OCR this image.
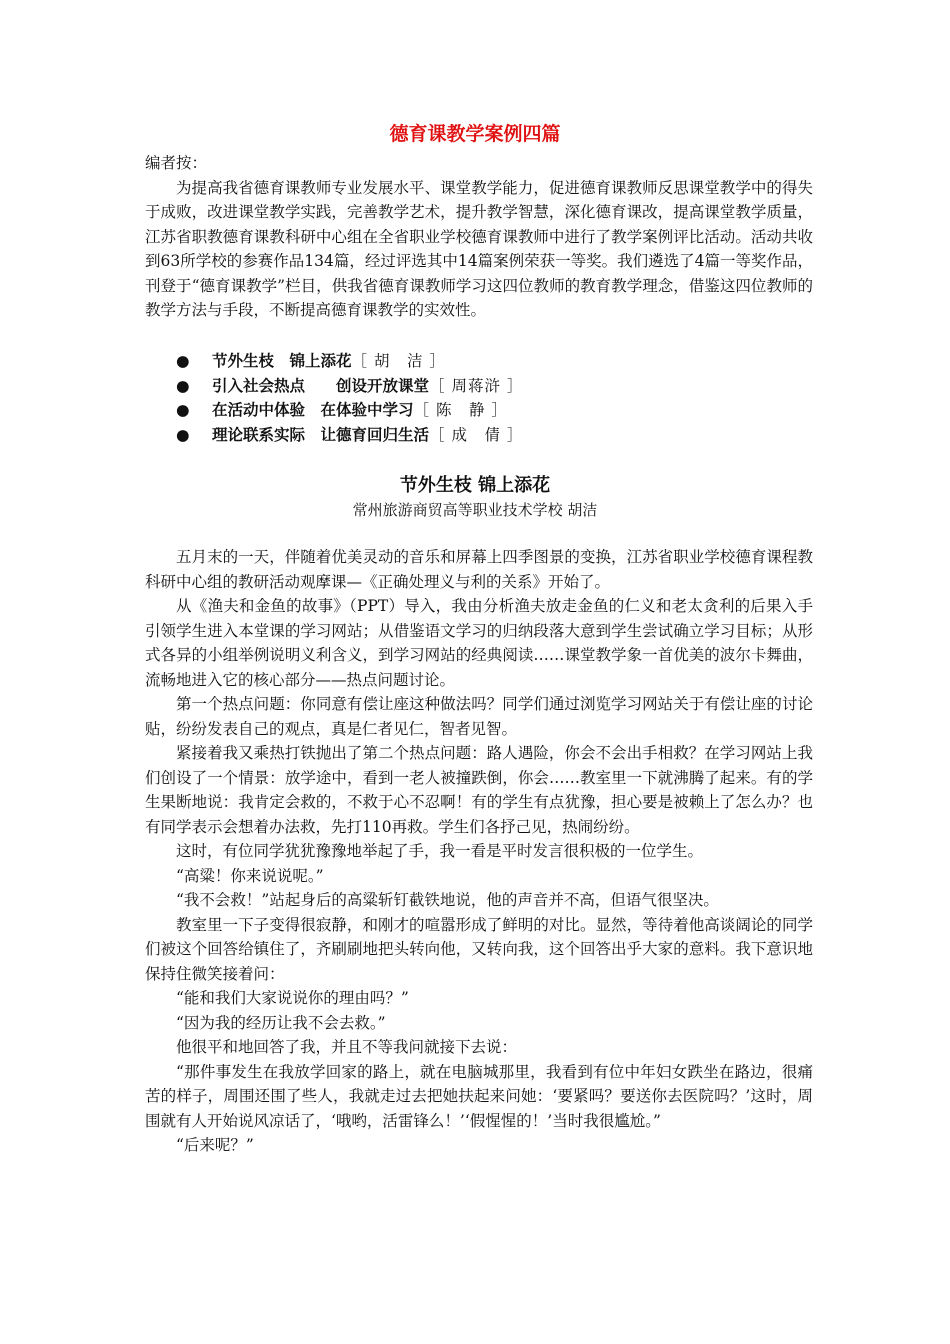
德育课教学案例四篇

编者按：

为提高我省德育课教师专业发展水平、课堂教学能力，促进德育课教师反思课堂教学中的得失于成败，改进课堂教学实践，完善教学艺术，提升教学智慧，深化德育课改，提高课堂教学质量，江苏省职教德育课教科研中心组在全省职业学校德育课教师中进行了教学案例评比活动。活动共收到63所学校的参赛作品134篇，经过评选其中14篇案例荣获一等奖。我们遴选了4篇一等奖作品，刊登于“德育课教学”栏目，供我省德育课教师学习这四位教师的教育教学理念，借鉴这四位教师的教学方法与手段，不断提高德育课教学的实效性。

● 节外生枝　锦上添花［ 胡　洁 ］
● 引入社会热点　　创设开放课堂［ 周蒋浒 ］
● 在活动中体验　在体验中学习［ 陈　静 ］
● 理论联系实际　让德育回归生活［ 成　倩 ］
节外生枝 锦上添花
常州旅游商贸高等职业技术学校 胡洁

五月末的一天，伴随着优美灵动的音乐和屏幕上四季图景的变换，江苏省职业学校德育课程教科研中心组的教研活动观摩课—《正确处理义与利的关系》开始了。

从《渔夫和金鱼的故事》（PPT）导入，我由分析渔夫放走金鱼的仁义和老太贪利的后果入手引领学生进入本堂课的学习网站；从借鉴语文学习的归纳段落大意到学生尝试确立学习目标；从形式各异的小组举例说明义利含义，到学习网站的经典阅读……课堂教学象一首优美的波尔卡舞曲，流畅地进入它的核心部分——热点问题讨论。

第一个热点问题：你同意有偿让座这种做法吗？同学们通过浏览学习网站关于有偿让座的讨论贴，纷纷发表自己的观点，真是仁者见仁，智者见智。

紧接着我又乘热打铁抛出了第二个热点问题：路人遇险，你会不会出手相救？在学习网站上我们创设了一个情景：放学途中，看到一老人被撞跌倒，你会……教室里一下就沸腾了起来。有的学生果断地说：我肯定会救的，不救于心不忍啊！有的学生有点犹豫，担心要是被赖上了怎么办？也有同学表示会想着办法救，先打110再救。学生们各抒己见，热闹纷纷。

这时，有位同学犹犹豫豫地举起了手，我一看是平时发言很积极的一位学生。

“高粱！你来说说呢。”

“我不会救！”站起身后的高粱斩钉截铁地说，他的声音并不高，但语气很坚决。

教室里一下子变得很寂静，和刚才的喧嚣形成了鲜明的对比。显然，等待着他高谈阔论的同学们被这个回答给镇住了，齐刷刷地把头转向他，又转向我，这个回答出乎大家的意料。我下意识地保持住微笑接着问：

“能和我们大家说说你的理由吗？”

“因为我的经历让我不会去救。”

他很平和地回答了我，并且不等我问就接下去说：

“那件事发生在我放学回家的路上，就在电脑城那里，我看到有位中年妇女跌坐在路边，很痛苦的样子，周围还围了些人，我就走过去把她扶起来问她：‘要紧吗？要送你去医院吗？’这时，周围就有人开始说风凉话了，‘哦哟，活雷锋么！’‘假惺惺的！’当时我很尴尬。”

“后来呢？”
